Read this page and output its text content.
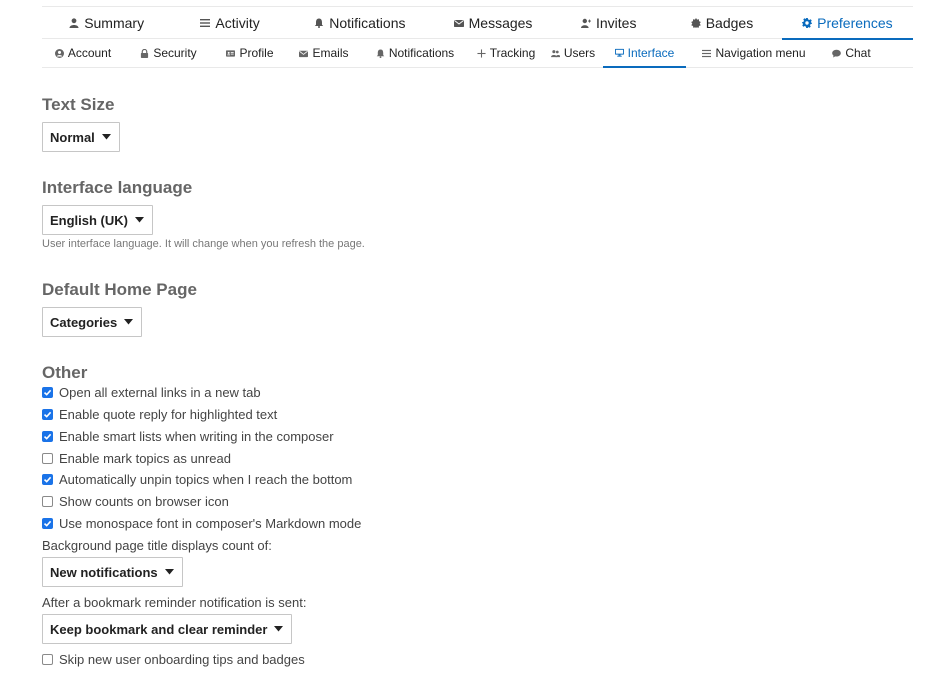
Summary	Activity	Notifications	Messages	Invites	Badges	Preferences
Account	Security	Profile	Emails	Notifications	Tracking Users	Interface	Navigation menu	Chat
Text Size
Normal
Interface language
English (UK)
User interface language. It will change when you refresh the page.
Default Home Page
Categories
Other
Open all external links in a new tab
Enable quote reply for highlighted text
Enable smart lists when writing in the composer
Enable mark topics as unread
Automatically unpin topics when I reach the bottom
Show counts on browser icon
Use monospace font in composer's Markdown mode
Background page title displays count of:
New notifications
After a bookmark reminder notification is sent:
Keep bookmark and clear reminder
Skip new user onboarding tips and badges
